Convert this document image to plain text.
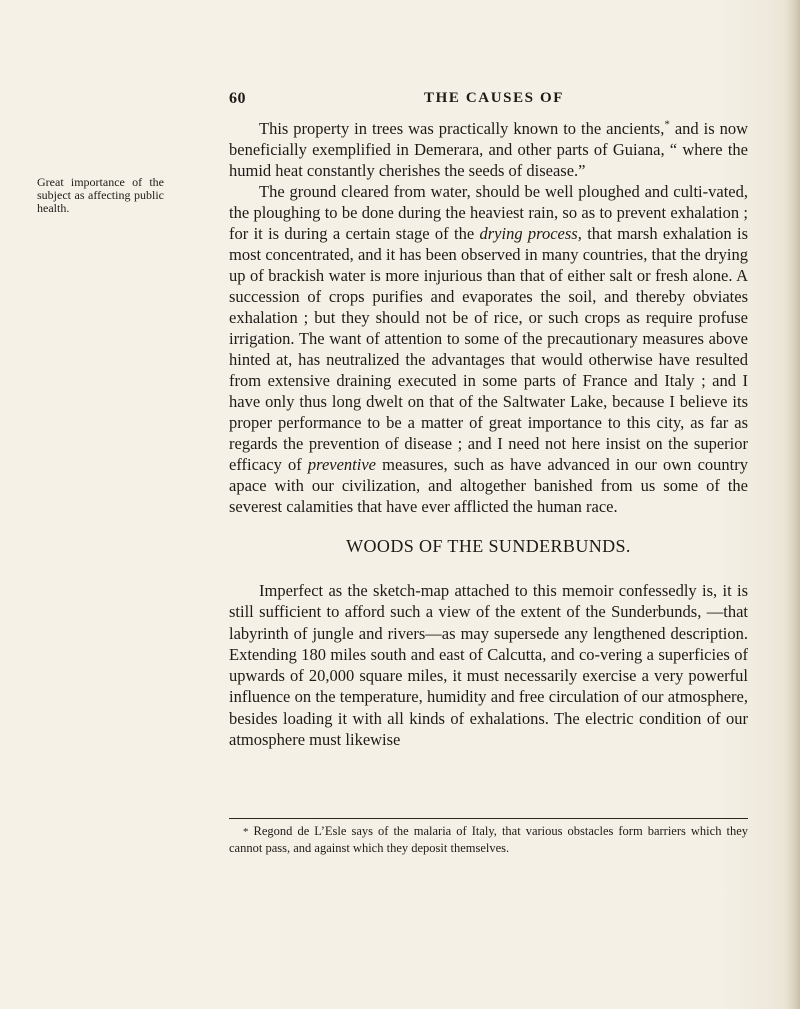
60	THE CAUSES OF
Great importance of the subject as affecting public health.

This property in trees was practically known to the ancients,* and is now beneficially exemplified in Demerara, and other parts of Guiana, “ where the humid heat constantly cherishes the seeds of disease.”

The ground cleared from water, should be well ploughed and culti-vated, the ploughing to be done during the heaviest rain, so as to prevent exhalation ; for it is during a certain stage of the drying process, that marsh exhalation is most concentrated, and it has been observed in many countries, that the drying up of brackish water is more injurious than that of either salt or fresh alone. A succession of crops purifies and evaporates the soil, and thereby obviates exhalation ; but they should not be of rice, or such crops as require profuse irrigation. The want of attention to some of the precautionary measures above hinted at, has neutralized the advantages that would otherwise have resulted from extensive draining executed in some parts of France and Italy ; and I have only thus long dwelt on that of the Saltwater Lake, because I believe its proper performance to be a matter of great importance to this city, as far as regards the prevention of disease ; and I need not here insist on the superior efficacy of preventive measures, such as have advanced in our own country apace with our civilization, and altogether banished from us some of the severest calamities that have ever afflicted the human race.

WOODS OF THE SUNDERBUNDS.

Imperfect as the sketch-map attached to this memoir confessedly is, it is still sufficient to afford such a view of the extent of the Sunderbunds, —that labyrinth of jungle and rivers—as may supersede any lengthened description. Extending 180 miles south and east of Calcutta, and co-vering a superficies of upwards of 20,000 square miles, it must necessarily exercise a very powerful influence on the temperature, humidity and free circulation of our atmosphere, besides loading it with all kinds of exhalations. The electric condition of our atmosphere must likewise

* Regond de L’Esle says of the malaria of Italy, that various obstacles form barriers which they cannot pass, and against which they deposit themselves.
